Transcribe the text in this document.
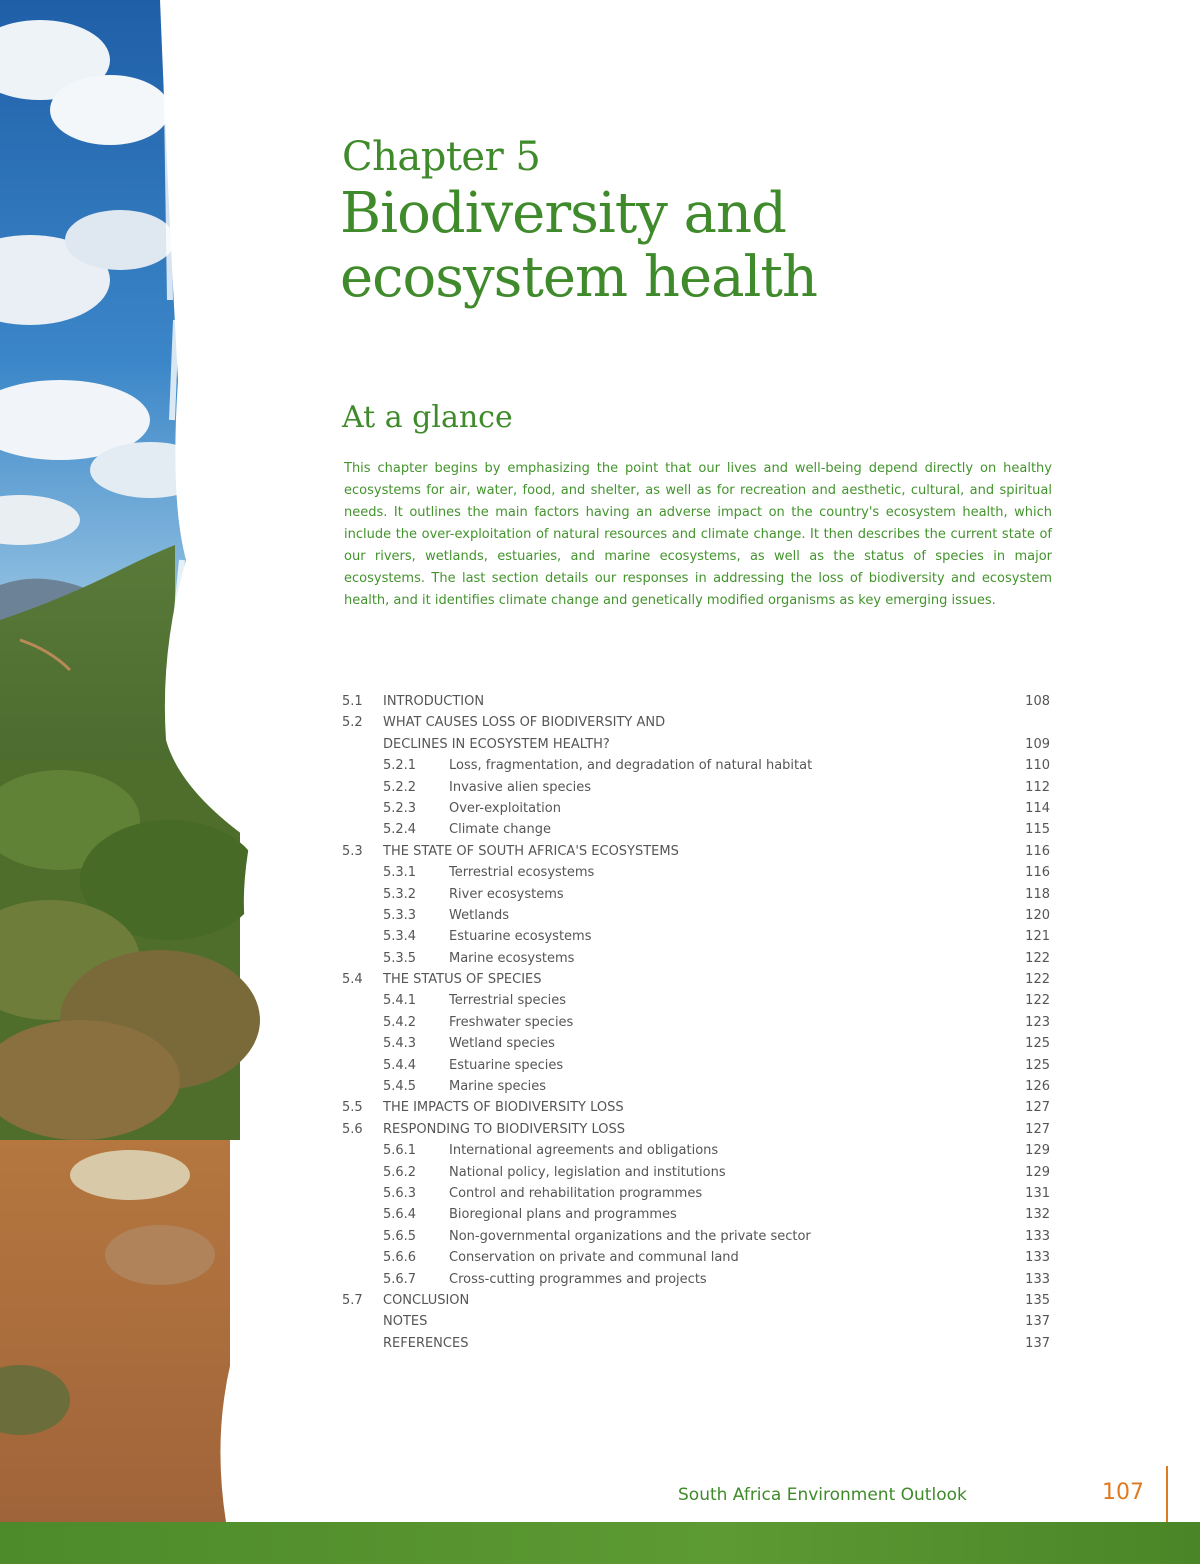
Chapter 5
Biodiversity and ecosystem health
At a glance
This chapter begins by emphasizing the point that our lives and well-being depend directly on healthy ecosystems for air, water, food, and shelter, as well as for recreation and aesthetic, cultural, and spiritual needs. It outlines the main factors having an adverse impact on the country's ecosystem health, which include the over-exploitation of natural resources and climate change. It then describes the current state of our rivers, wetlands, estuaries, and marine ecosystems, as well as the status of species in major ecosystems. The last section details our responses in addressing the loss of biodiversity and ecosystem health, and it identifies climate change and genetically modified organisms as key emerging issues.
5.1 INTRODUCTION	108
5.2 WHAT CAUSES LOSS OF BIODIVERSITY AND
DECLINES IN ECOSYSTEM HEALTH?	109
5.2.1	Loss, fragmentation, and degradation of natural habitat	110
5.2.2	Invasive alien species	112
5.2.3	Over-exploitation	114
5.2.4	Climate change	115
5.3 THE STATE OF SOUTH AFRICA'S ECOSYSTEMS	116
5.3.1	Terrestrial ecosystems	116
5.3.2	River ecosystems	118
5.3.3	Wetlands	120
5.3.4	Estuarine ecosystems	121
5.3.5	Marine ecosystems	122
5.4 THE STATUS OF SPECIES	122
5.4.1	Terrestrial species	122
5.4.2	Freshwater species	123
5.4.3	Wetland species	125
5.4.4	Estuarine species	125
5.4.5	Marine species	126
5.5 THE IMPACTS OF BIODIVERSITY LOSS	127
5.6 RESPONDING TO BIODIVERSITY LOSS	127
5.6.1	International agreements and obligations	129
5.6.2	National policy, legislation and institutions	129
5.6.3	Control and rehabilitation programmes	131
5.6.4	Bioregional plans and programmes	132
5.6.5	Non-governmental organizations and the private sector	133
5.6.6	Conservation on private and communal land	133
5.6.7	Cross-cutting programmes and projects	133
5.7 CONCLUSION	135
NOTES	137
REFERENCES	137
South Africa Environment Outlook	107
